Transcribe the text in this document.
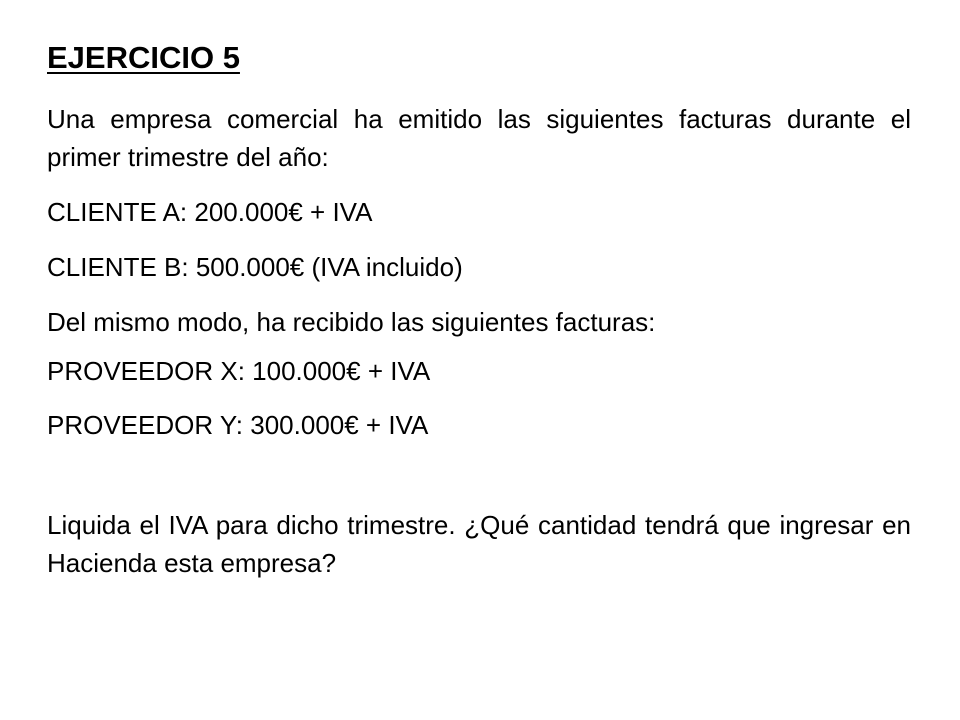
EJERCICIO 5

Una empresa comercial ha emitido las siguientes facturas durante el primer trimestre del año:

CLIENTE A: 200.000€ + IVA
CLIENTE B: 500.000€ (IVA incluido)
Del mismo modo, ha recibido las siguientes facturas:
PROVEEDOR X: 100.000€ + IVA
PROVEEDOR Y: 300.000€ + IVA

Liquida el IVA para dicho trimestre. ¿Qué cantidad tendrá que ingresar en Hacienda esta empresa?
